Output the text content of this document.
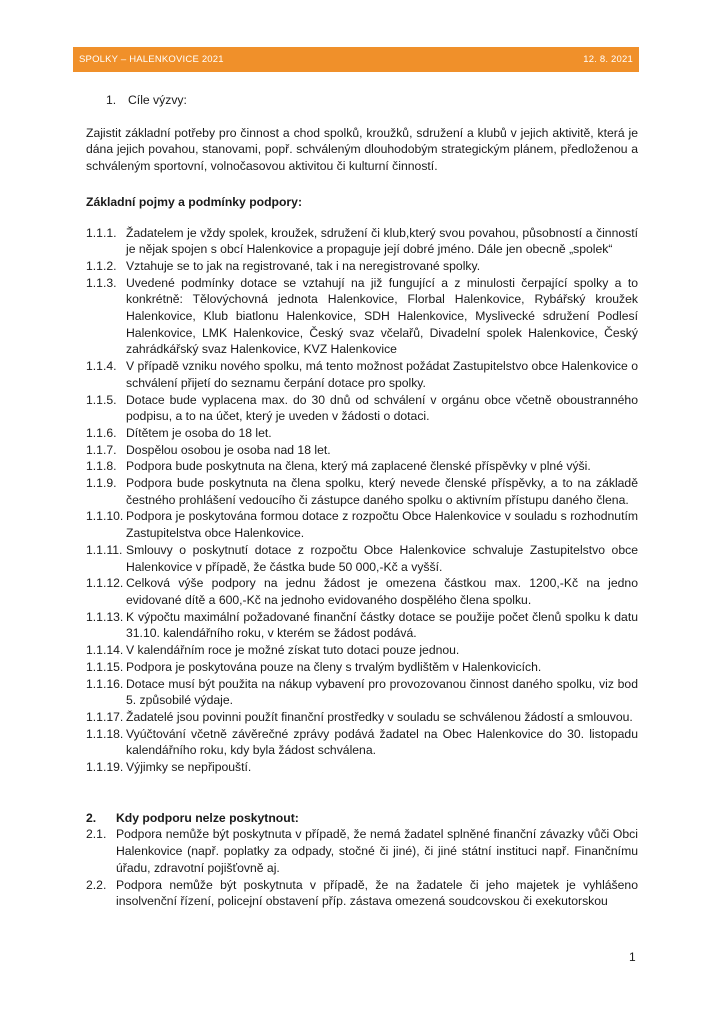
SPOLKY – HALENKOVICE 2021	12. 8. 2021
1. Cíle výzvy:
Zajistit základní potřeby pro činnost a chod spolků, kroužků, sdružení a klubů v jejich aktivitě, která je dána jejich povahou, stanovami, popř. schváleným dlouhodobým strategickým plánem, předloženou a schváleným sportovní, volnočasovou aktivitou či kulturní činností.
Základní pojmy a podmínky podpory:
1.1.1. Žadatelem je vždy spolek, kroužek, sdružení či klub,který svou povahou, působností a činností je nějak spojen s obcí Halenkovice a propaguje její dobré jméno. Dále jen obecně „spolek“
1.1.2. Vztahuje se to jak na registrované, tak i na neregistrované spolky.
1.1.3. Uvedené podmínky dotace se vztahují na již fungující a z minulosti čerpající spolky a to konkrétně: Tělovýchovná jednota Halenkovice, Florbal Halenkovice, Rybářský kroužek Halenkovice, Klub biatlonu Halenkovice, SDH Halenkovice, Myslivecké sdružení Podlesí Halenkovice, LMK Halenkovice, Český svaz včelařů, Divadelní spolek Halenkovice, Český zahrádkářský svaz Halenkovice, KVZ Halenkovice
1.1.4. V případě vzniku nového spolku, má tento možnost požádat Zastupitelstvo obce Halenkovice o schválení přijetí do seznamu čerpání dotace pro spolky.
1.1.5. Dotace bude vyplacena max. do 30 dnů od schválení v orgánu obce včetně oboustranného podpisu, a to na účet, který je uveden v žádosti o dotaci.
1.1.6. Dítětem je osoba do 18 let.
1.1.7. Dospělou osobou je osoba nad 18 let.
1.1.8. Podpora bude poskytnuta na člena, který má zaplacené členské příspěvky v plné výši.
1.1.9. Podpora bude poskytnuta na člena spolku, který nevede členské příspěvky, a to na základě čestného prohlášení vedoucího či zástupce daného spolku o aktivním přístupu daného člena.
1.1.10. Podpora je poskytována formou dotace z rozpočtu Obce Halenkovice v souladu s rozhodnutím Zastupitelstva obce Halenkovice.
1.1.11. Smlouvy o poskytnutí dotace z rozpočtu Obce Halenkovice schvaluje Zastupitelstvo obce Halenkovice v případě, že částka bude 50 000,-Kč a vyšší.
1.1.12. Celková výše podpory na jednu žádost je omezena částkou max. 1200,-Kč na jedno evidované dítě a 600,-Kč na jednoho evidovaného dospělého člena spolku.
1.1.13. K výpočtu maximální požadované finanční částky dotace se použije počet členů spolku k datu 31.10. kalendářního roku, v kterém se žádost podává.
1.1.14. V kalendářním roce je možné získat tuto dotaci pouze jednou.
1.1.15. Podpora je poskytována pouze na členy s trvalým bydlištěm v Halenkovicích.
1.1.16. Dotace musí být použita na nákup vybavení pro provozovanou činnost daného spolku, viz bod 5. způsobilé výdaje.
1.1.17. Žadatelé jsou povinni použít finanční prostředky v souladu se schválenou žádostí a smlouvou.
1.1.18. Vyúčtování včetně závěrečné zprávy podává žadatel na Obec Halenkovice do 30. listopadu kalendářního roku, kdy byla žádost schválena.
1.1.19. Výjimky se nepřipouští.
2.	Kdy podporu nelze poskytnout:
2.1. Podpora nemůže být poskytnuta v případě, že nemá žadatel splněné finanční závazky vůči Obci Halenkovice (např. poplatky za odpady, stočné či jiné), či jiné státní instituci např. Finančnímu úřadu, zdravotní pojišťovně aj.
2.2. Podpora nemůže být poskytnuta v případě, že na žadatele či jeho majetek je vyhlášeno insolvenční řízení, policejní obstavení příp. zástava omezená soudcovskou či exekutorskou
1
